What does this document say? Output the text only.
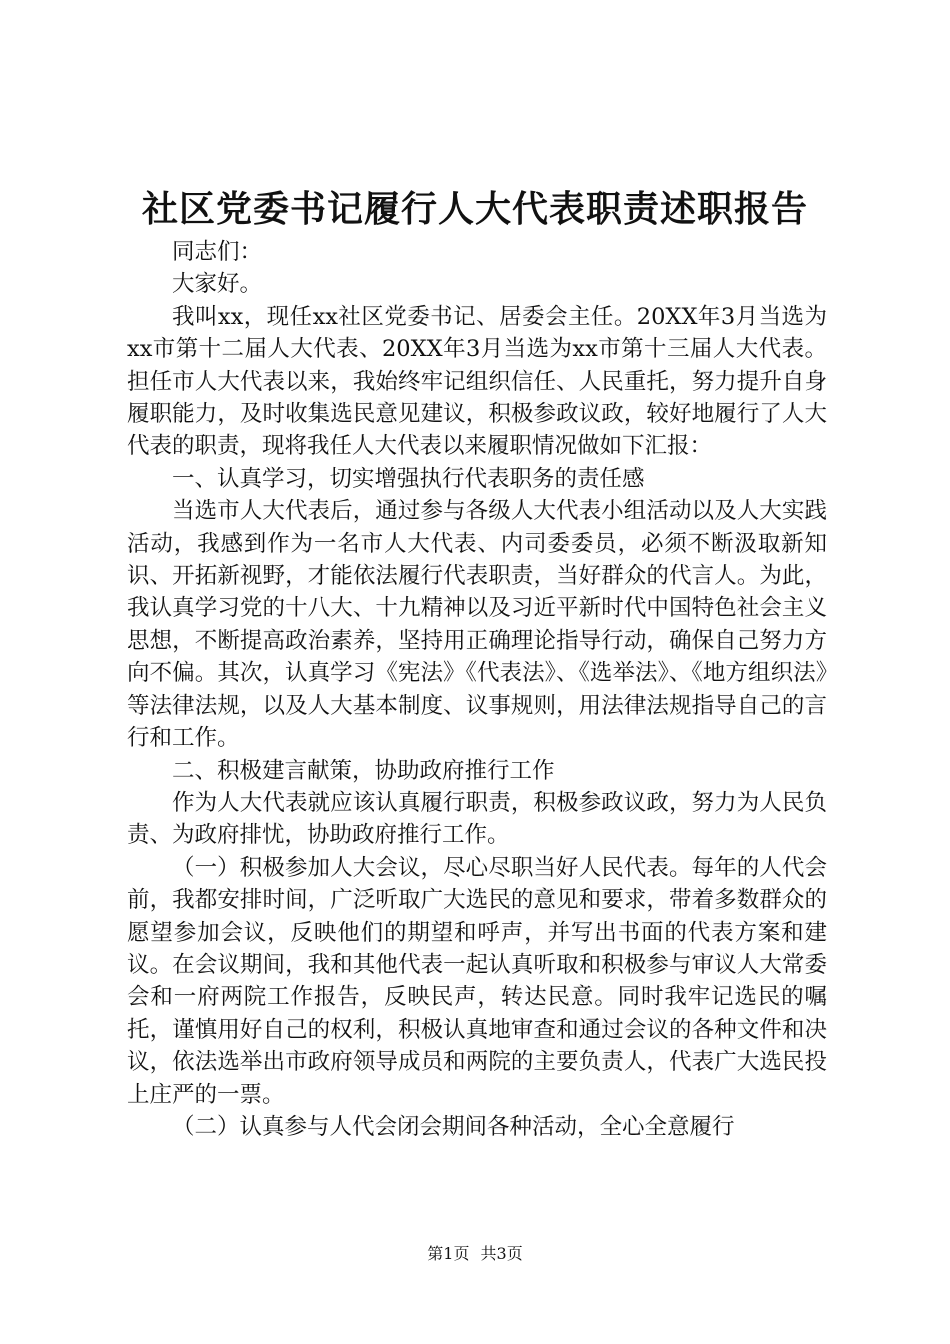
社区党委书记履行人大代表职责述职报告

同志们：

大家好。

我叫xx，现任xx社区党委书记、居委会主任。20XX年3月当选为xx市第十二届人大代表、20XX年3月当选为xx市第十三届人大代表。担任市人大代表以来，我始终牢记组织信任、人民重托，努力提升自身履职能力，及时收集选民意见建议，积极参政议政，较好地履行了人大代表的职责，现将我任人大代表以来履职情况做如下汇报：

一、认真学习，切实增强执行代表职务的责任感

当选市人大代表后，通过参与各级人大代表小组活动以及人大实践活动，我感到作为一名市人大代表、内司委委员，必须不断汲取新知识、开拓新视野，才能依法履行代表职责，当好群众的代言人。为此，我认真学习党的十八大、十九精神以及习近平新时代中国特色社会主义思想，不断提高政治素养，坚持用正确理论指导行动，确保自己努力方向不偏。其次，认真学习《宪法》《代表法》、《选举法》、《地方组织法》等法律法规，以及人大基本制度、议事规则，用法律法规指导自己的言行和工作。

二、积极建言献策，协助政府推行工作

作为人大代表就应该认真履行职责，积极参政议政，努力为人民负责、为政府排忧，协助政府推行工作。

（一）积极参加人大会议，尽心尽职当好人民代表。每年的人代会前，我都安排时间，广泛听取广大选民的意见和要求，带着多数群众的愿望参加会议，反映他们的期望和呼声，并写出书面的代表方案和建议。在会议期间，我和其他代表一起认真听取和积极参与审议人大常委会和一府两院工作报告，反映民声，转达民意。同时我牢记选民的嘱托，谨慎用好自己的权利，积极认真地审查和通过会议的各种文件和决议，依法选举出市政府领导成员和两院的主要负责人，代表广大选民投上庄严的一票。

（二）认真参与人代会闭会期间各种活动，全心全意履行

第1页 共3页
